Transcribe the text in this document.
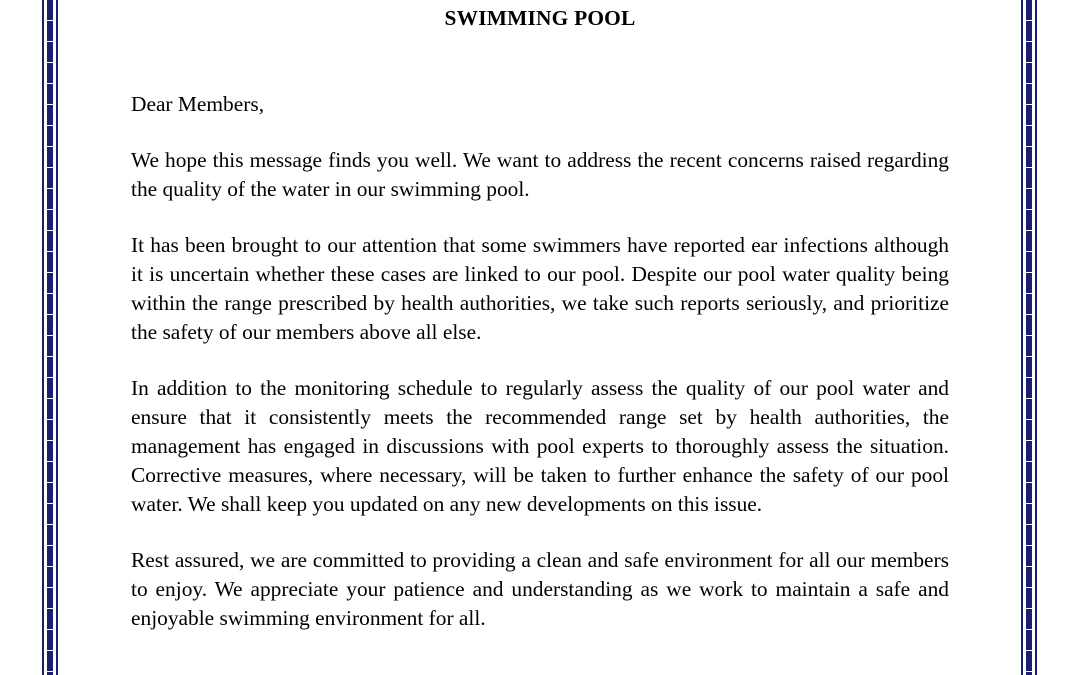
SWIMMING POOL
Dear Members,
We hope this message finds you well. We want to address the recent concerns raised regarding the quality of the water in our swimming pool.
It has been brought to our attention that some swimmers have reported ear infections although it is uncertain whether these cases are linked to our pool. Despite our pool water quality being within the range prescribed by health authorities, we take such reports seriously, and prioritize the safety of our members above all else.
In addition to the monitoring schedule to regularly assess the quality of our pool water and ensure that it consistently meets the recommended range set by health authorities, the management has engaged in discussions with pool experts to thoroughly assess the situation. Corrective measures, where necessary, will be taken to further enhance the safety of our pool water. We shall keep you updated on any new developments on this issue.
Rest assured, we are committed to providing a clean and safe environment for all our members to enjoy. We appreciate your patience and understanding as we work to maintain a safe and enjoyable swimming environment for all.
